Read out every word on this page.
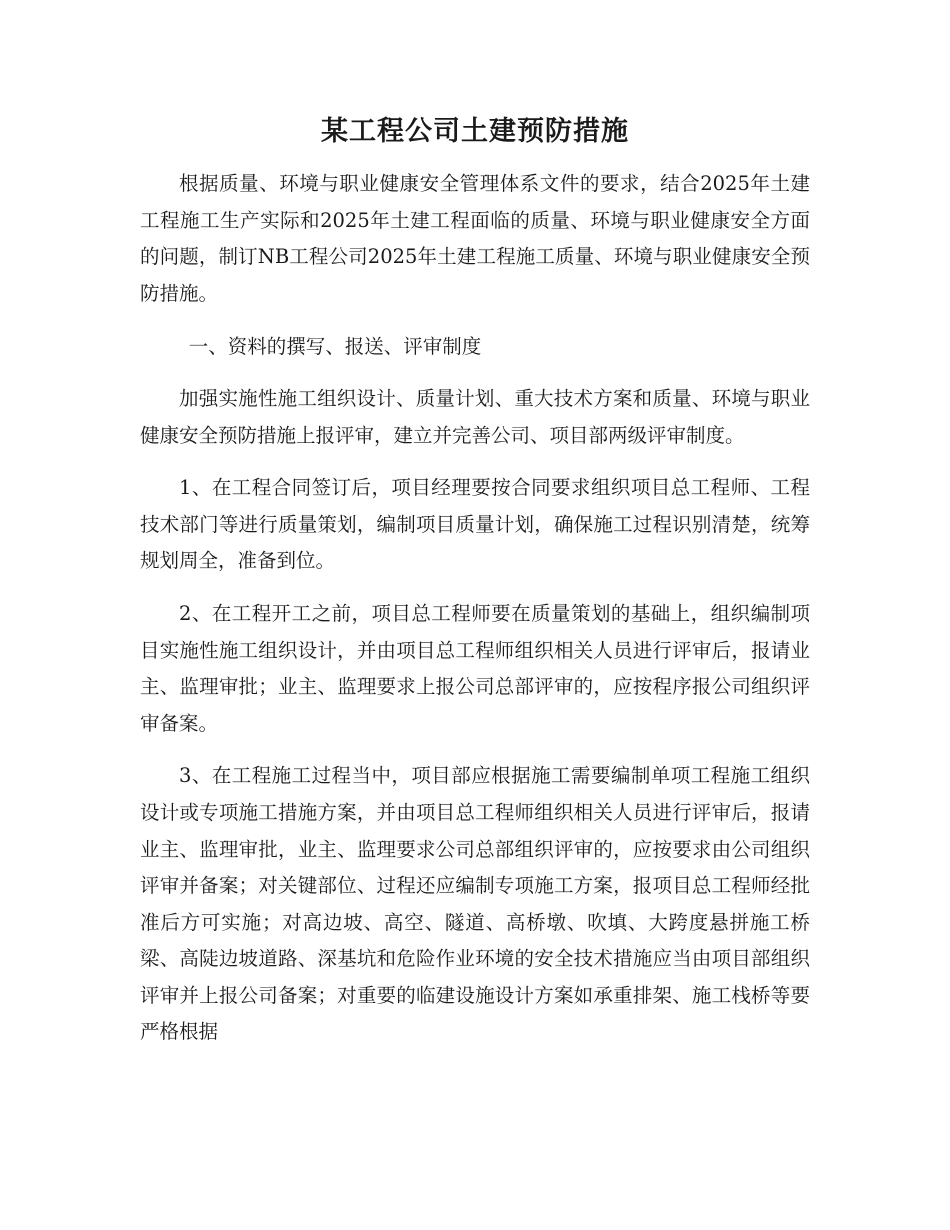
某工程公司土建预防措施

根据质量、环境与职业健康安全管理体系文件的要求，结合2025年土建工程施工生产实际和2025年土建工程面临的质量、环境与职业健康安全方面的问题，制订NB工程公司2025年土建工程施工质量、环境与职业健康安全预防措施。

一、资料的撰写、报送、评审制度

加强实施性施工组织设计、质量计划、重大技术方案和质量、环境与职业健康安全预防措施上报评审，建立并完善公司、项目部两级评审制度。

1、在工程合同签订后，项目经理要按合同要求组织项目总工程师、工程技术部门等进行质量策划，编制项目质量计划，确保施工过程识别清楚，统筹规划周全，准备到位。

2、在工程开工之前，项目总工程师要在质量策划的基础上，组织编制项目实施性施工组织设计，并由项目总工程师组织相关人员进行评审后，报请业主、监理审批；业主、监理要求上报公司总部评审的，应按程序报公司组织评审备案。

3、在工程施工过程当中，项目部应根据施工需要编制单项工程施工组织设计或专项施工措施方案，并由项目总工程师组织相关人员进行评审后，报请业主、监理审批，业主、监理要求公司总部组织评审的，应按要求由公司组织评审并备案；对关键部位、过程还应编制专项施工方案，报项目总工程师经批准后方可实施；对高边坡、高空、隧道、高桥墩、吹填、大跨度悬拼施工桥梁、高陡边坡道路、深基坑和危险作业环境的安全技术措施应当由项目部组织评审并上报公司备案；对重要的临建设施设计方案如承重排架、施工栈桥等要严格根据
